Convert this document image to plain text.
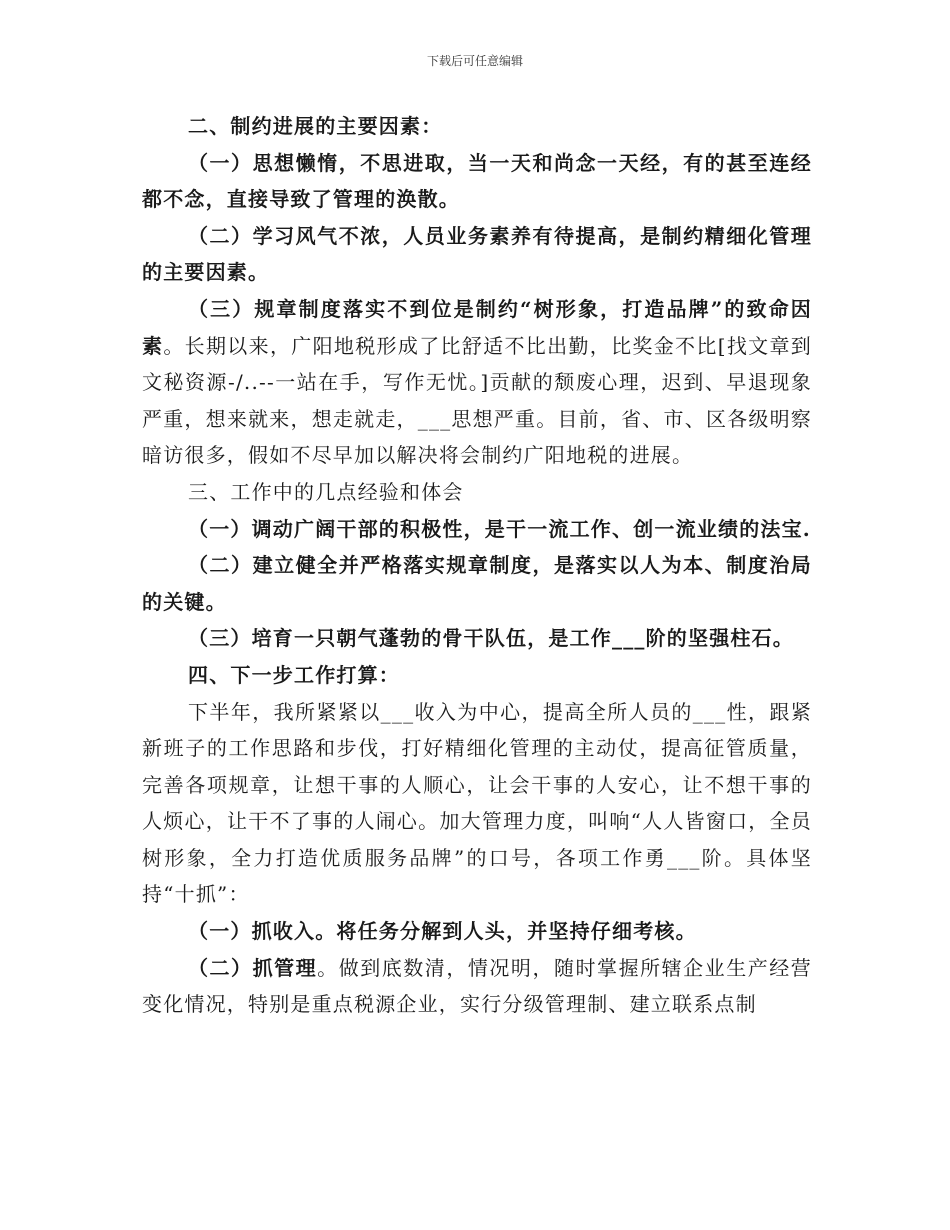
下载后可任意编辑

二、制约进展的主要因素：

（一）思想懒惰，不思进取，当一天和尚念一天经，有的甚至连经都不念，直接导致了管理的涣散。

（二）学习风气不浓，人员业务素养有待提高，是制约精细化管理的主要因素。

（三）规章制度落实不到位是制约“树形象，打造品牌”的致命因素。长期以来，广阳地税形成了比舒适不比出勤，比奖金不比[找文章到文秘资源-/..--一站在手，写作无忧。]贡献的颓废心理，迟到、早退现象严重，想来就来，想走就走，___思想严重。目前，省、市、区各级明察暗访很多，假如不尽早加以解决将会制约广阳地税的进展。

三、工作中的几点经验和体会

（一）调动广阔干部的积极性，是干一流工作、创一流业绩的法宝.

（二）建立健全并严格落实规章制度，是落实以人为本、制度治局的关键。

（三）培育一只朝气蓬勃的骨干队伍，是工作___阶的坚强柱石。

四、下一步工作打算：

下半年，我所紧紧以___收入为中心，提高全所人员的___性，跟紧新班子的工作思路和步伐，打好精细化管理的主动仗，提高征管质量，完善各项规章，让想干事的人顺心，让会干事的人安心，让不想干事的人烦心，让干不了事的人闹心。加大管理力度，叫响“人人皆窗口，全员树形象，全力打造优质服务品牌”的口号，各项工作勇___阶。具体坚持“十抓”：

（一）抓收入。将任务分解到人头，并坚持仔细考核。

（二）抓管理。做到底数清，情况明，随时掌握所辖企业生产经营变化情况，特别是重点税源企业，实行分级管理制、建立联系点制
